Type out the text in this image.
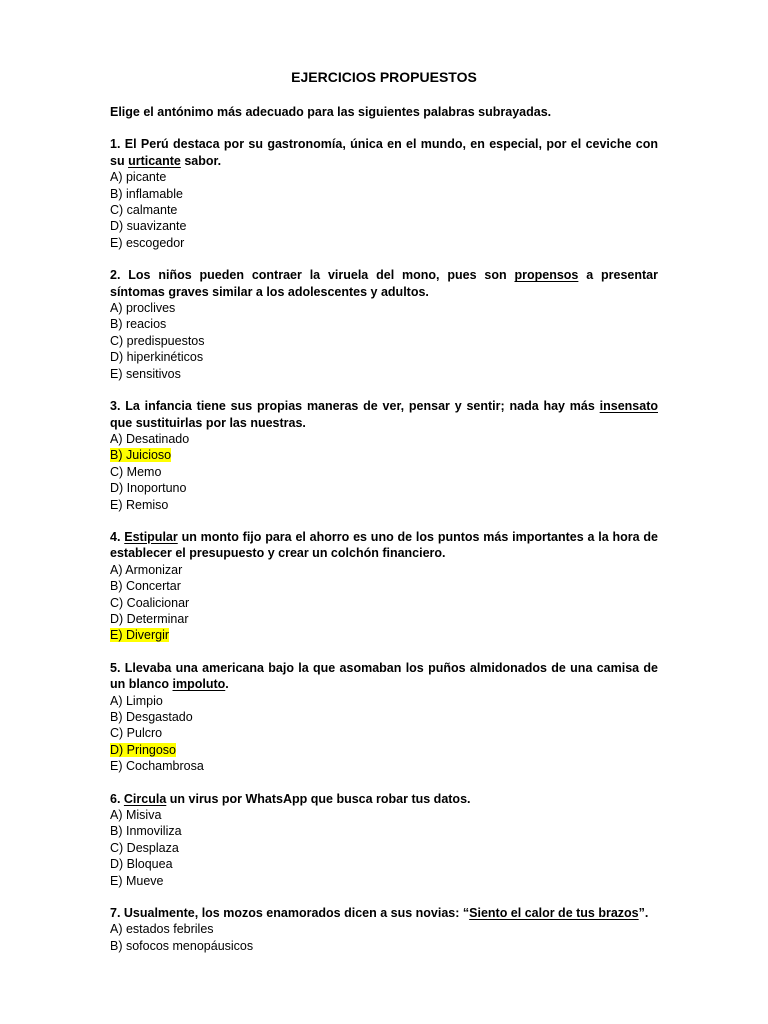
EJERCICIOS PROPUESTOS

Elige el antónimo más adecuado para las siguientes palabras subrayadas.

1. El Perú destaca por su gastronomía, única en el mundo, en especial, por el ceviche con su urticante sabor.

A) picante
B) inflamable
C) calmante
D) suavizante
E) escogedor

2. Los niños pueden contraer la viruela del mono, pues son propensos a presentar síntomas graves similar a los adolescentes y adultos.

A) proclives
B) reacios
C) predispuestos
D) hiperkinéticos
E) sensitivos

3. La infancia tiene sus propias maneras de ver, pensar y sentir; nada hay más insensato que sustituirlas por las nuestras.

A) Desatinado
B) Juicioso
C) Memo
D) Inoportuno
E) Remiso

4. Estipular un monto fijo para el ahorro es uno de los puntos más importantes a la hora de establecer el presupuesto y crear un colchón financiero.

A) Armonizar
B) Concertar
C) Coalicionar
D) Determinar
E) Divergir

5. Llevaba una americana bajo la que asomaban los puños almidonados de una camisa de un blanco impoluto.

A) Limpio
B) Desgastado
C) Pulcro
D) Pringoso
E) Cochambrosa

6. Circula un virus por WhatsApp que busca robar tus datos.

A) Misiva
B) Inmoviliza
C) Desplaza
D) Bloquea
E) Mueve

7. Usualmente, los mozos enamorados dicen a sus novias: “Siento el calor de tus brazos”.

A) estados febriles
B) sofocos menopáusicos
